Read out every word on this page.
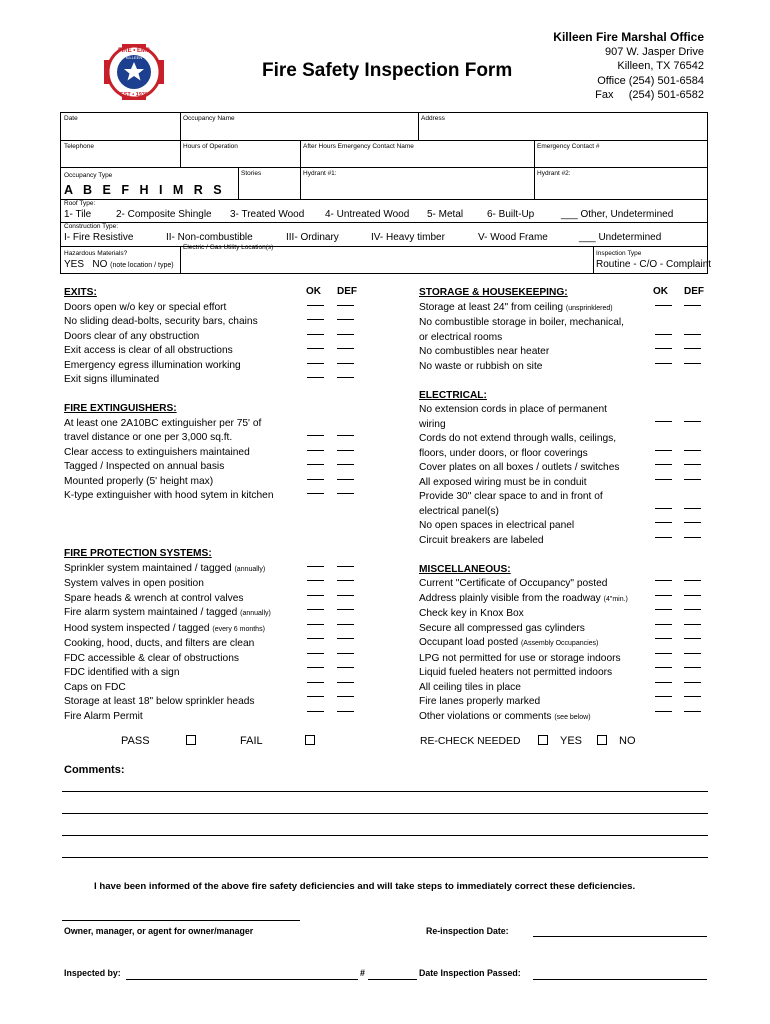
FIRE • EMS
EST • 1930
KILLEEN
Fire Safety Inspection Form
Killeen Fire Marshal Office
907 W. Jasper Drive
Killeen, TX 76542
Office (254) 501-6584
Fax     (254) 501-6582
Date	Occupancy Name	Address
Telephone	Hours of Operation	After Hours Emergency Contact Name	Emergency Contact #
Occupancy Type	Stories	Hydrant #1:	Hydrant #2:
A B E F H I M R S
Roof Type:
1- Tile 2- Composite Shingle 3- Treated Wood 4- Untreated Wood 5- Metal 6- Built-Up	___ Other, Undetermined
Construction Type:
I- Fire Resistive	II- Non-combustible	III- Ordinary	IV- Heavy timber	V- Wood Frame	___ Undetermined
Hazardous Materials?
YES   NO (note location / type)
Electric / Gas Utility Location(s)
Inspection Type
Routine - C/O - Complaint
OK DEF	OK DEF
EXITS:
Doors open w/o key or special effort
No sliding dead-bolts, security bars, chains
Doors clear of any obstruction
Exit access is clear of all obstructions
Emergency egress illumination working
Exit signs illuminated

FIRE EXTINGUISHERS:
At least one 2A10BC extinguisher per 75' of
travel distance or one per 3,000 sq.ft.
Clear access to extinguishers maintained
Tagged / Inspected on annual basis
Mounted properly (5' height max)
K-type extinguisher with hood sytem in kitchen

FIRE PROTECTION SYSTEMS:
Sprinkler system maintained / tagged (annually)
System valves in open position
Spare heads & wrench at control valves
Fire alarm system maintained / tagged (annually)
Hood system inspected / tagged (every 6 months)
Cooking, hood, ducts, and filters are clean
FDC accessible & clear of obstructions
FDC identified with a sign
Caps on FDC
Storage at least 18" below sprinkler heads
Fire Alarm Permit
STORAGE & HOUSEKEEPING:
Storage at least 24" from ceiling (unsprinklered)
No combustible storage in boiler, mechanical,
or electrical rooms
No combustibles near heater
No waste or rubbish on site

ELECTRICAL:
No extension cords in place of permanent
wiring
Cords do not extend through walls, ceilings,
floors, under doors, or floor coverings
Cover plates on all boxes / outlets / switches
All exposed wiring must be in conduit
Provide 30" clear space to and in front of
electrical panel(s)
No open spaces in electrical panel
Circuit breakers are labeled

MISCELLANEOUS:
Current "Certificate of Occupancy" posted
Address plainly visible from the roadway (4"min.)
Check key in Knox Box
Secure all compressed gas cylinders
Occupant load posted (Assembly Occupancies)
LPG not permitted for use or storage indoors
Liquid fueled heaters not permitted indoors
All ceiling tiles in place
Fire lanes properly marked
Other violations or comments (see below)
PASS	FAIL	RE-CHECK NEEDED	YES	NO
Comments:
I have been informed of the above fire safety deficiencies and will take steps to immediately correct these deficiencies.
Owner, manager, or agent for owner/manager	Re-inspection Date:
Inspected by:	#	Date Inspection Passed:
